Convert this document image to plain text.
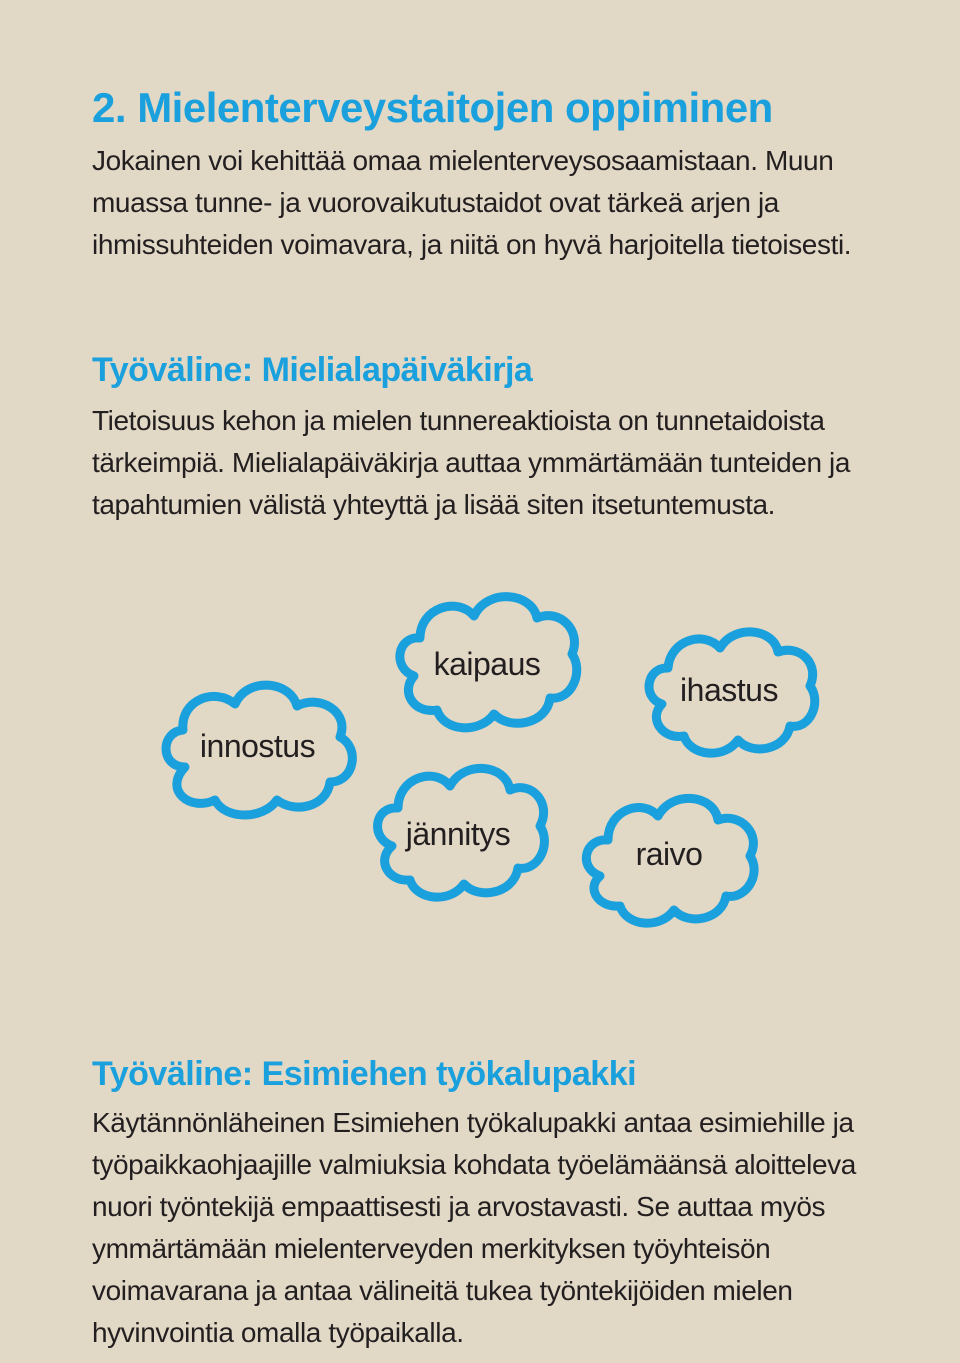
2. Mielenterveystaitojen oppiminen

Jokainen voi kehittää omaa mielenterveysosaamistaan. Muun muassa tunne- ja vuorovaikutustaidot ovat tärkeä arjen ja ihmissuhteiden voimavara, ja niitä on hyvä harjoitella tietoisesti.

Työväline: Mielialapäiväkirja

Tietoisuus kehon ja mielen tunnereaktioista on tunnetaidoista tärkeimpiä. Mielialapäiväkirja auttaa ymmärtämään tunteiden ja tapahtumien välistä yhteyttä ja lisää siten itsetuntemusta.

innostus
kaipaus
ihastus
jännitys
raivo
Työväline: Esimiehen työkalupakki

Käytännönläheinen Esimiehen työkalupakki antaa esimiehille ja työpaikkaohjaajille valmiuksia kohdata työelämäänsä aloitteleva nuori työntekijä empaattisesti ja arvostavasti. Se auttaa myös ymmärtämään mielenterveyden merkityksen työyhteisön voimavarana ja antaa välineitä tukea työntekijöiden mielen hyvinvointia omalla työpaikalla.
